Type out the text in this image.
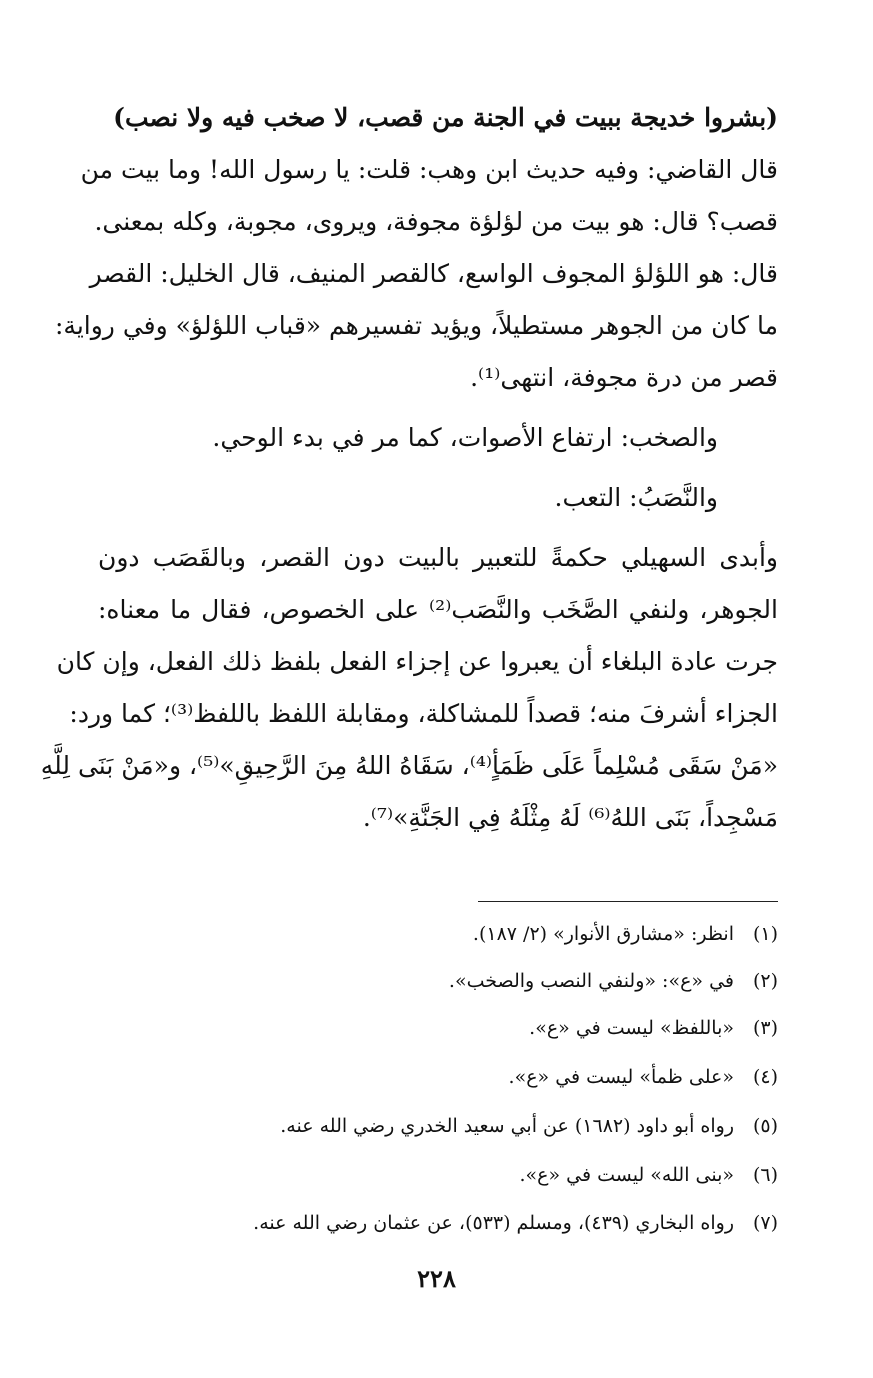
(بشروا خديجة ببيت في الجنة من قصب، لا صخب فيه ولا نصب)
قال القاضي: وفيه حديث ابن وهب: قلت: يا رسول الله! وما بيت من
قصب؟ قال: هو بيت من لؤلؤة مجوفة، ويروى، مجوبة، وكله بمعنى.
قال: هو اللؤلؤ المجوف الواسع، كالقصر المنيف، قال الخليل: القصر
ما كان من الجوهر مستطيلاً، ويؤيد تفسيرهم «قباب اللؤلؤ» وفي رواية:
قصر من درة مجوفة، انتهى⁽¹⁾.
والصخب: ارتفاع الأصوات، كما مر في بدء الوحي.
والنَّصَبُ: التعب.
وأبدى السهيلي حكمةً للتعبير بالبيت دون القصر، وبالقَصَب دون
الجوهر، ولنفي الصَّخَب والنَّصَب⁽²⁾ على الخصوص، فقال ما معناه:
جرت عادة البلغاء أن يعبروا عن إجزاء الفعل بلفظ ذلك الفعل، وإن كان
الجزاء أشرفَ منه؛ قصداً للمشاكلة، ومقابلة اللفظ باللفظ⁽³⁾؛ كما ورد:
«مَنْ سَقَى مُسْلِماً عَلَى ظَمَأٍ⁽⁴⁾، سَقَاهُ اللهُ مِنَ الرَّحِيقِ»⁽⁵⁾، و«مَنْ بَنَى لِلَّهِ
مَسْجِداً، بَنَى اللهُ⁽⁶⁾ لَهُ مِثْلَهُ فِي الجَنَّةِ»⁽⁷⁾.
(١)انظر: «مشارق الأنوار» (٢/ ١٨٧).
(٢)في «ع»: «ولنفي النصب والصخب».
(٣)«باللفظ» ليست في «ع».
(٤)«على ظمأ» ليست في «ع».
(٥)رواه أبو داود (١٦٨٢) عن أبي سعيد الخدري رضي الله عنه.
(٦)«بنى الله» ليست في «ع».
(٧)رواه البخاري (٤٣٩)، ومسلم (٥٣٣)، عن عثمان رضي الله عنه.
٢٢٨
